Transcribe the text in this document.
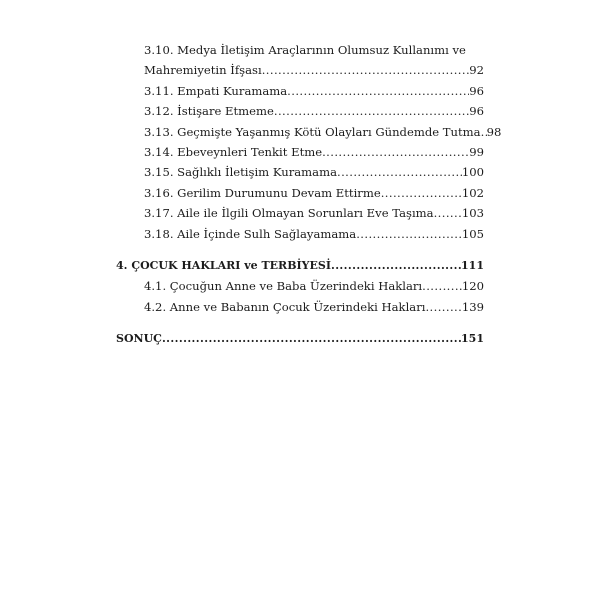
3.10. Medya İletişim Araçlarının Olumsuz Kullanımı ve
Mahremiyetin İfşası .....	92
3.11. Empati Kuramama .....	96
3.12. İstişare Etmeme .....	96
3.13. Geçmişte Yaşanmış Kötü Olayları Gündemde Tutma ..... 98
3.14. Ebeveynleri Tenkit Etme .....	99
3.15. Sağlıklı İletişim Kuramama .....	100
3.16. Gerilim Durumunu Devam Ettirme .....	102
3.17. Aile ile İlgili Olmayan Sorunları Eve Taşıma ..... 103
3.18. Aile İçinde Sulh Sağlayamama .....	105
4. ÇOCUK HAKLARI ve TERBİYESİ .....	111
4.1. Çocuğun Anne ve Baba Üzerindeki Hakları .....	120
4.2. Anne ve Babanın Çocuk Üzerindeki Hakları .....	139
SONUÇ .....	151
